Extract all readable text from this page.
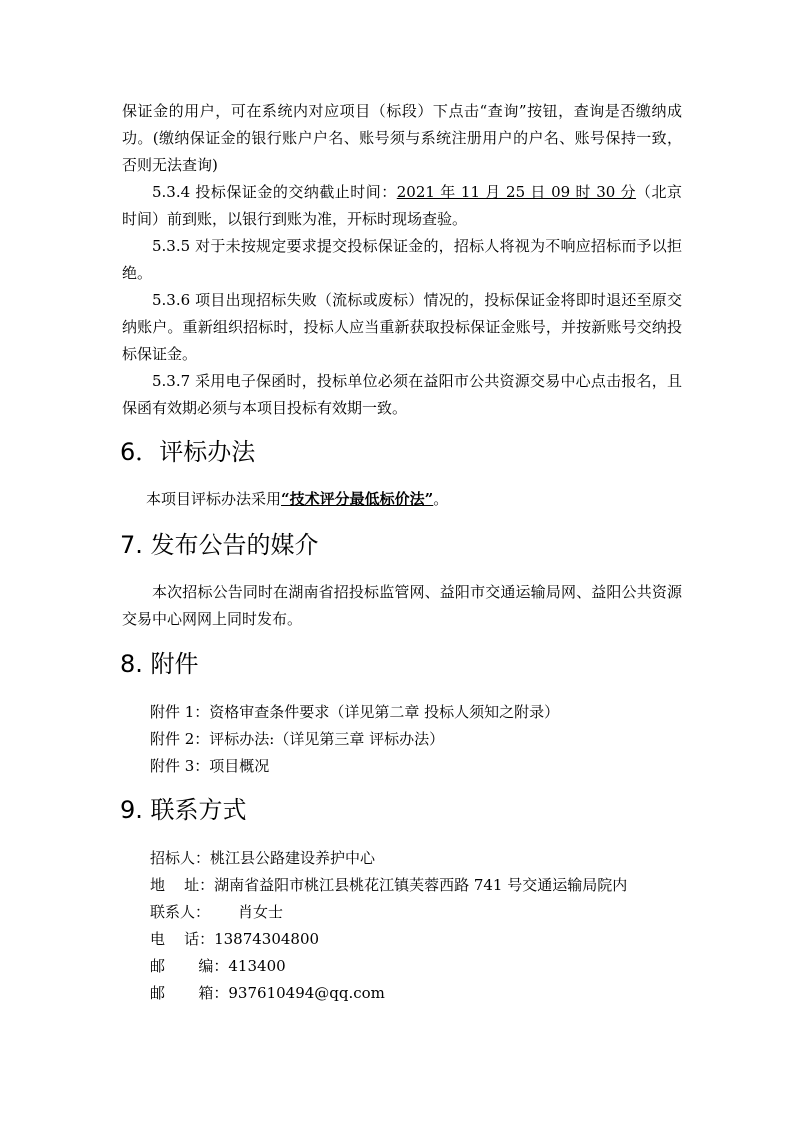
保证金的用户，可在系统内对应项目（标段）下点击“查询”按钮，查询是否缴纳成功。(缴纳保证金的银行账户户名、账号须与系统注册用户的户名、账号保持一致，否则无法查询)

5.3.4 投标保证金的交纳截止时间：2021 年 11 月 25 日 09 时 30 分（北京时间）前到账，以银行到账为准，开标时现场查验。

5.3.5 对于未按规定要求提交投标保证金的，招标人将视为不响应招标而予以拒绝。

5.3.6 项目出现招标失败（流标或废标）情况的，投标保证金将即时退还至原交纳账户。重新组织招标时，投标人应当重新获取投标保证金账号，并按新账号交纳投标保证金。

5.3.7 采用电子保函时，投标单位必须在益阳市公共资源交易中心点击报名，且保函有效期必须与本项目投标有效期一致。

6．评标办法

本项目评标办法采用“技术评分最低标价法”。

7. 发布公告的媒介

本次招标公告同时在湖南省招投标监管网、益阳市交通运输局网、益阳公共资源交易中心网网上同时发布。

8. 附件

附件 1：资格审查条件要求（详见第二章 投标人须知之附录）

附件 2：评标办法:（详见第三章 评标办法）

附件 3：项目概况

9. 联系方式

招标人：桃江县公路建设养护中心

地    址：湖南省益阳市桃江县桃花江镇芙蓉西路 741 号交通运输局院内

联系人： 肖女士

电    话：13874304800

邮       编：413400

邮       箱：937610494@qq.com
